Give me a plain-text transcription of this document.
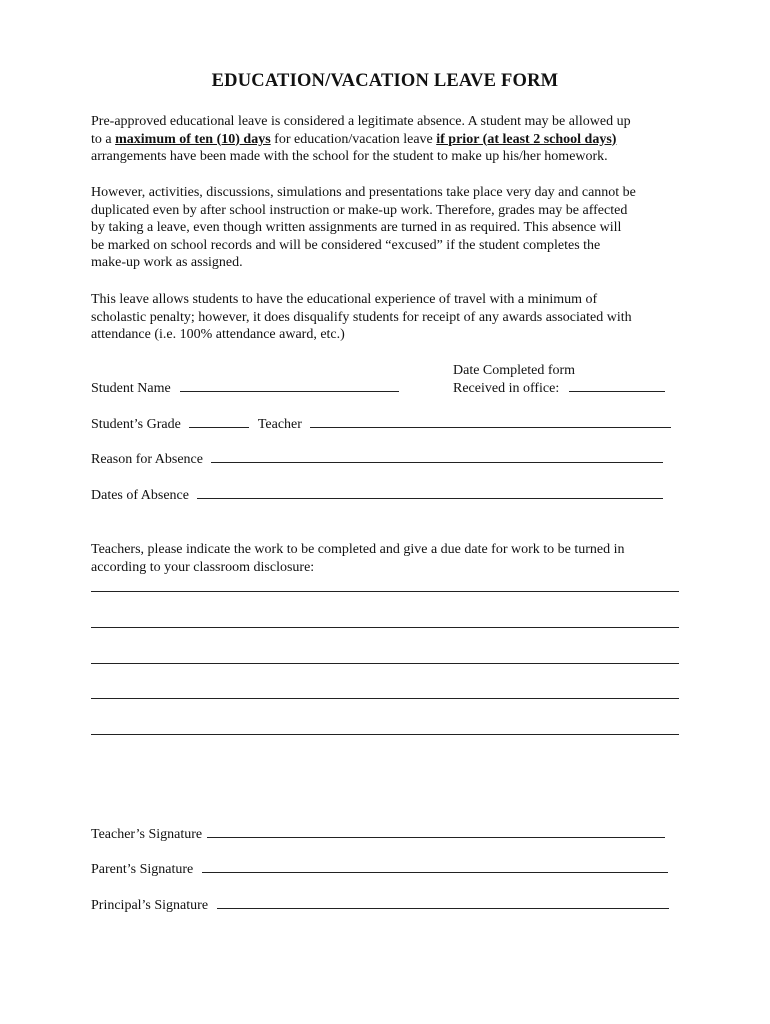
EDUCATION/VACATION LEAVE FORM
Pre-approved educational leave is considered a legitimate absence. A student may be allowed up
to a maximum of ten (10) days for education/vacation leave if prior (at least 2 school days)
arrangements have been made with the school for the student to make up his/her homework.
However, activities, discussions, simulations and presentations take place very day and cannot be
duplicated even by after school instruction or make-up work. Therefore, grades may be affected
by taking a leave, even though written assignments are turned in as required. This absence will
be marked on school records and will be considered “excused” if the student completes the
make-up work as assigned.
This leave allows students to have the educational experience of travel with a minimum of
scholastic penalty; however, it does disqualify students for receipt of any awards associated with
attendance (i.e. 100% attendance award, etc.)
Date Completed form
Received in office:
Student Name
Student’s Grade	Teacher
Reason for Absence
Dates of Absence
Teachers, please indicate the work to be completed and give a due date for work to be turned in
according to your classroom disclosure:
Teacher’s Signature
Parent’s Signature
Principal’s Signature
